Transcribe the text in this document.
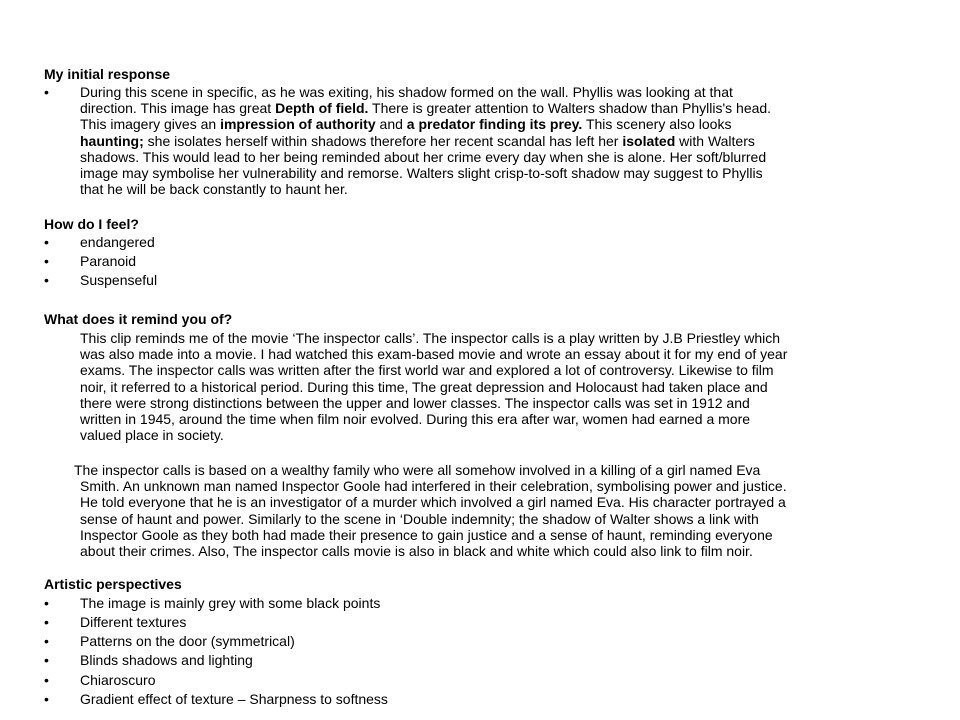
My initial response
•	During this scene in specific, as he was exiting, his shadow formed on the wall. Phyllis was looking at that
direction. This image has great Depth of field. There is greater attention to Walters shadow than Phyllis's head.
This imagery gives an impression of authority and a predator finding its prey. This scenery also looks
haunting; she isolates herself within shadows therefore her recent scandal has left her isolated with Walters
shadows. This would lead to her being reminded about her crime every day when she is alone. Her soft/blurred
image may symbolise her vulnerability and remorse. Walters slight crisp-to-soft shadow may suggest to Phyllis
that he will be back constantly to haunt her.
How do I feel?
•	endangered
•	Paranoid
•	Suspenseful
What does it remind you of?
This clip reminds me of the movie ‘The inspector calls’. The inspector calls is a play written by J.B Priestley which
was also made into a movie. I had watched this exam-based movie and wrote an essay about it for my end of year
exams. The inspector calls was written after the first world war and explored a lot of controversy. Likewise to film
noir, it referred to a historical period. During this time, The great depression and Holocaust had taken place and
there were strong distinctions between the upper and lower classes. The inspector calls was set in 1912 and
written in 1945, around the time when film noir evolved. During this era after war, women had earned a more
valued place in society.
The inspector calls is based on a wealthy family who were all somehow involved in a killing of a girl named Eva
Smith. An unknown man named Inspector Goole had interfered in their celebration, symbolising power and justice.
He told everyone that he is an investigator of a murder which involved a girl named Eva. His character portrayed a
sense of haunt and power. Similarly to the scene in ‘Double indemnity; the shadow of Walter shows a link with
Inspector Goole as they both had made their presence to gain justice and a sense of haunt, reminding everyone
about their crimes. Also, The inspector calls movie is also in black and white which could also link to film noir.
Artistic perspectives
•	The image is mainly grey with some black points
•	Different textures
•	Patterns on the door (symmetrical)
•	Blinds shadows and lighting
•	Chiaroscuro
•	Gradient effect of texture – Sharpness to softness
